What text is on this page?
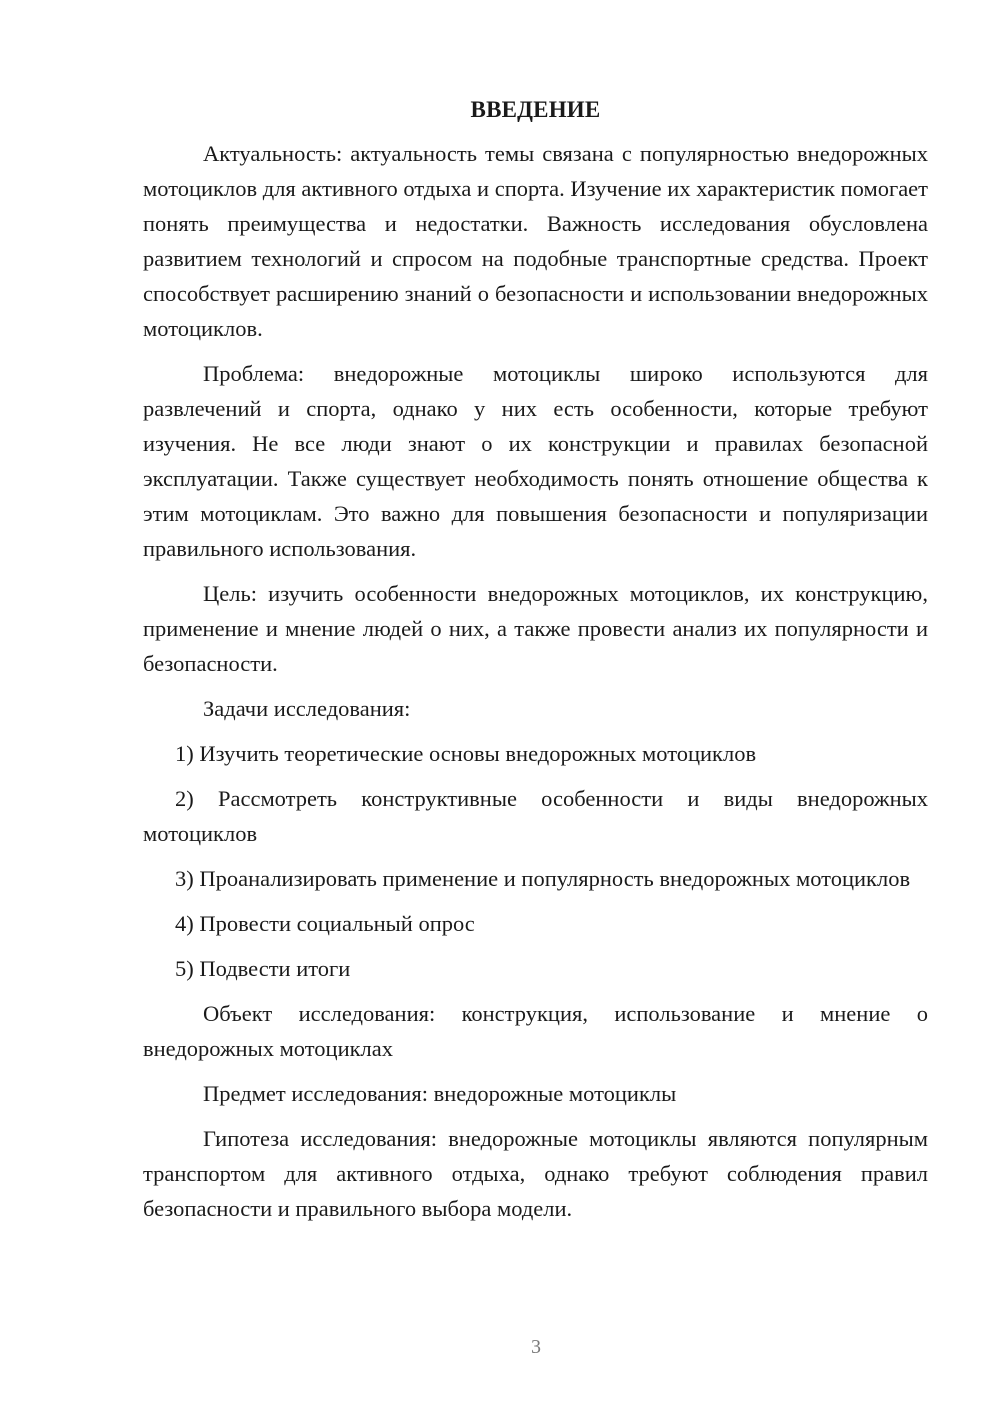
ВВЕДЕНИЕ

Актуальность: актуальность темы связана с популярностью внедорожных мотоциклов для активного отдыха и спорта. Изучение их характеристик помогает понять преимущества и недостатки. Важность исследования обусловлена развитием технологий и спросом на подобные транспортные средства. Проект способствует расширению знаний о безопасности и использовании внедорожных мотоциклов.

Проблема: внедорожные мотоциклы широко используются для развлечений и спорта, однако у них есть особенности, которые требуют изучения. Не все люди знают о их конструкции и правилах безопасной эксплуатации. Также существует необходимость понять отношение общества к этим мотоциклам. Это важно для повышения безопасности и популяризации правильного использования.

Цель: изучить особенности внедорожных мотоциклов, их конструкцию, применение и мнение людей о них, а также провести анализ их популярности и безопасности.

Задачи исследования:

1) Изучить теоретические основы внедорожных мотоциклов

2) Рассмотреть конструктивные особенности и виды внедорожных мотоциклов

3) Проанализировать применение и популярность внедорожных мотоциклов

4) Провести социальный опрос

5) Подвести итоги

Объект исследования: конструкция, использование и мнение о внедорожных мотоциклах

Предмет исследования: внедорожные мотоциклы

Гипотеза исследования: внедорожные мотоциклы являются популярным транспортом для активного отдыха, однако требуют соблюдения правил безопасности и правильного выбора модели.

3
